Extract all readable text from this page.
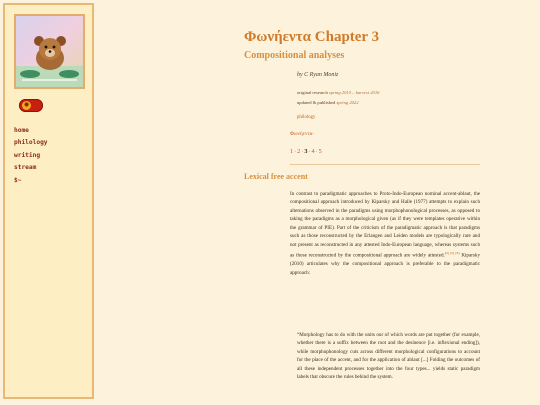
✹
home
philology
writing
stream
$~
Φωνήεντα Chapter 3
Compositional analyses
by C Ryan Moniz
original research spring 2015 – harvest 2016
updated & published spring 2022
philology
Φωνήεντα·
1·2·3·4·5
Lexical free accent

In contrast to paradigmatic approaches to Proto-Indo-European nominal accent-ablaut, the compositional approach introduced by Kiparsky and Halle (1977) attempts to explain such alternations observed in the paradigms using morphophonological processes, as opposed to taking the paradigms as a morphological given (as if they were templates operative within the grammar of PIE). Part of the criticism of the paradigmatic approach is that paradigms such as those reconstructed by the Erlangen and Leiden models are typologically rare and not present as reconstructed in any attested Indo-European language, whereas systems such as those reconstructed by the compositional approach are widely attested.[4] [5] [6] Kiparsky (2010) articulates why the compositional approach is preferable to the paradigmatic approach:

“Morphology has to do with the units our of which words are put together (for example, whether there is a suffix between the root and the desinence [i.e. inflexional ending]), while morphophonology cuts across different morphological configurations to account for the place of the accent, and for the application of ablaut [...] Folding the outcomes of all these independent processes together into the four types... yields static paradigm labels that obscure the rules behind the system.
